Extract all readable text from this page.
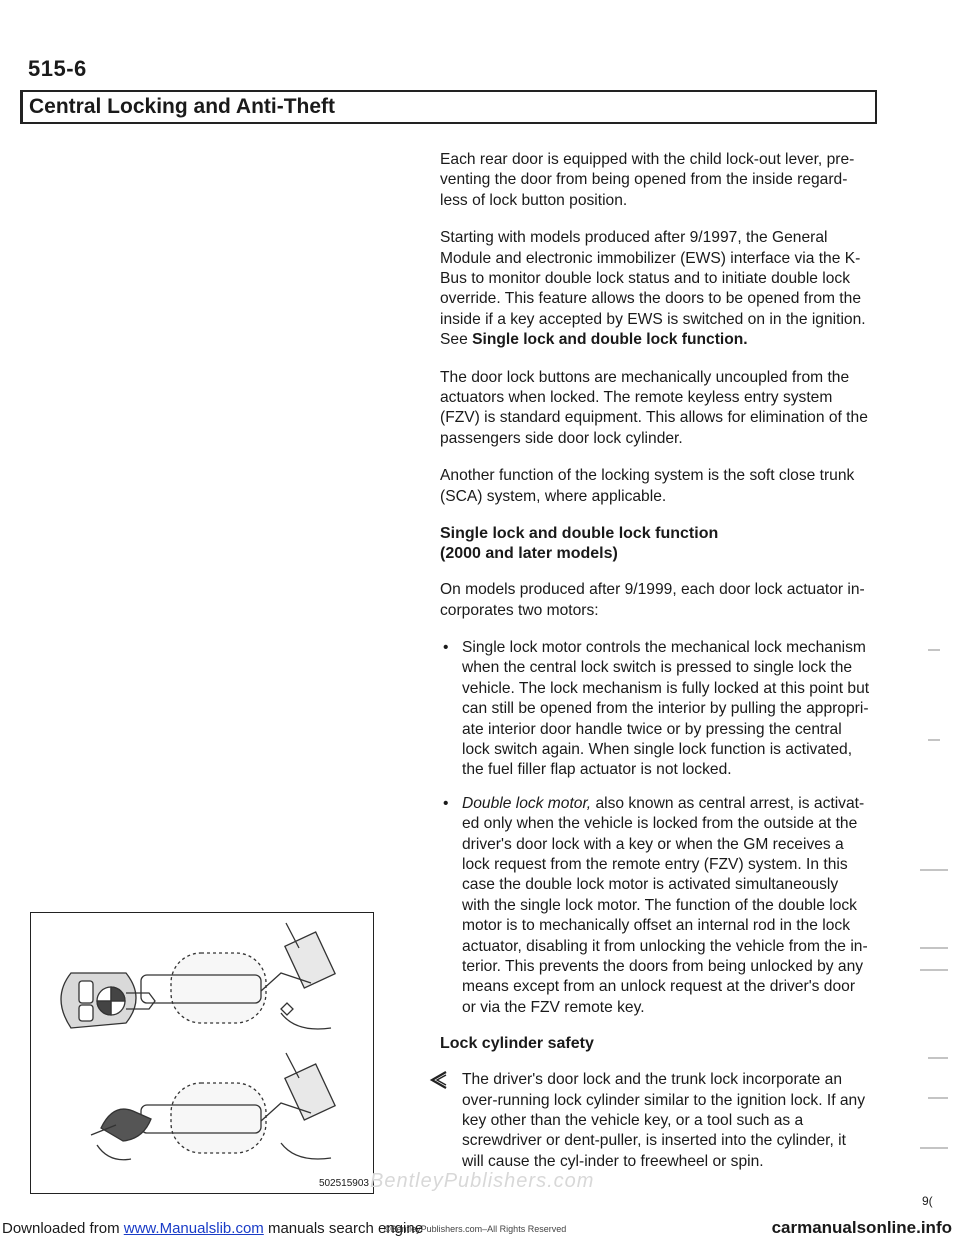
515-6
Central Locking and Anti-Theft

Each rear door is equipped with the child lock-out lever, pre-venting the door from being opened from the inside regard-less of lock button position.

Starting with models produced after 9/1997, the General Module and electronic immobilizer (EWS) interface via the K-Bus to monitor double lock status and to initiate double lock override. This feature allows the doors to be opened from the inside if a key accepted by EWS is switched on in the ignition. See Single lock and double lock function.

The door lock buttons are mechanically uncoupled from the actuators when locked. The remote keyless entry system (FZV) is standard equipment. This allows for elimination of the passengers side door lock cylinder.

Another function of the locking system is the soft close trunk (SCA) system, where applicable.

Single lock and double lock function
(2000 and later models)

On models produced after 9/1999, each door lock actuator in-corporates two motors:

• Single lock motor controls the mechanical lock mechanism when the central lock switch is pressed to single lock the vehicle. The lock mechanism is fully locked at this point but can still be opened from the interior by pulling the appropri-ate interior door handle twice or by pressing the central lock switch again. When single lock function is activated, the fuel filler flap actuator is not locked.
• Double lock motor, also known as central arrest, is activat-ed only when the vehicle is locked from the outside at the driver's door lock with a key or when the GM receives a lock request from the remote entry (FZV) system. In this case the double lock motor is activated simultaneously with the single lock motor. The function of the double lock motor is to mechanically offset an internal rod in the lock actuator, disabling it from unlocking the vehicle from the in-terior. This prevents the doors from being unlocked by any means except from an unlock request at the driver's door or via the FZV remote key.
Lock cylinder safety

The driver's door lock and the trunk lock incorporate an over-running lock cylinder similar to the ignition lock. If any key other than the vehicle key, or a tool such as a screwdriver or dent-puller, is inserted into the cylinder, it will cause the cyl-inder to freewheel or spin.

502515903 BentleyPublishers.com
©BentleyPublishers.com–All Rights Reserved
9(
Downloaded from www.Manualslib.com manuals search engine	carmanualsonline.info
